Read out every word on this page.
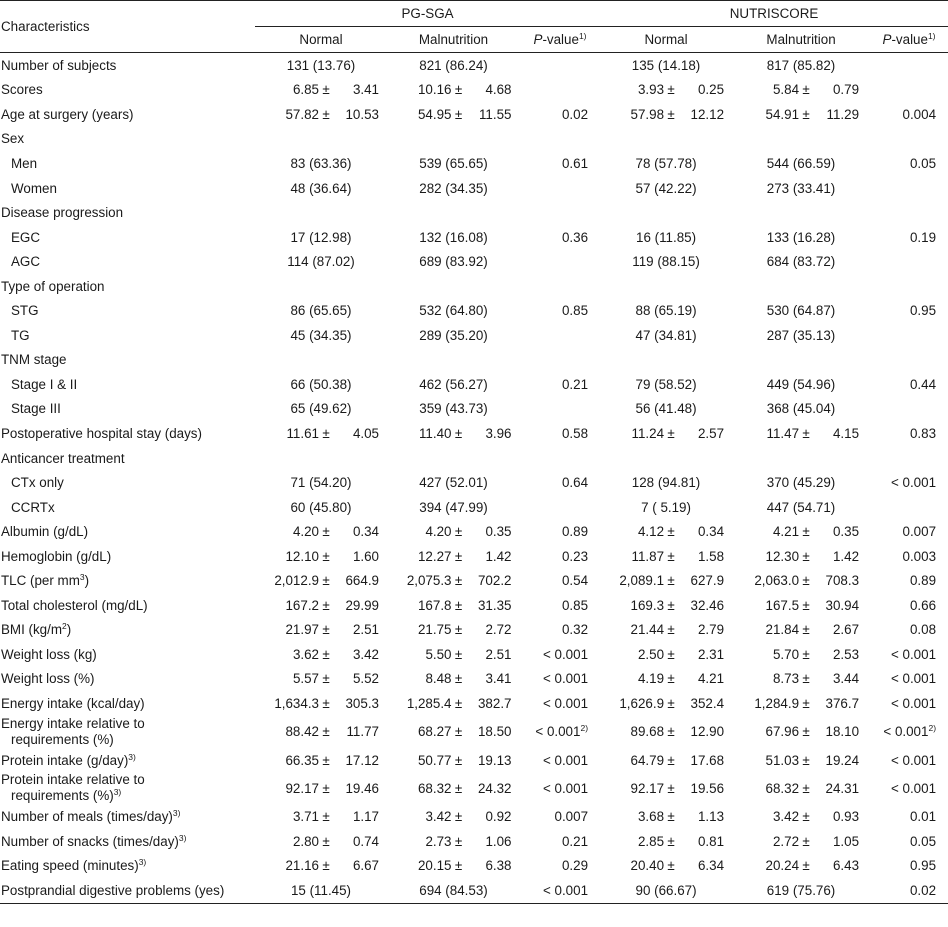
Characteristics	PG-SGA			NUTRISCORE		
	Normal	Malnutrition	P-value$^{1)}$	Normal	Malnutrition	P-value$^{1)}$
Number of subjects	131 (13.76)	821 (86.24)		135 (14.18)	817 (85.82)	
Scores	6.85 ± 3.41	10.16 ± 4.68		3.93 ± 0.25	5.84 ± 0.79	

Age at surgery (years)	57.82 ± 10.53	54.95 ± 11.55	0.02	57.98 ± 12.12	54.91 ± 11.29	0.004
Sex						
Men	83 (63.36)	539 (65.65)	0.61	78 (57.78)	544 (66.59)	0.05
Women	48 (36.64)	282 (34.35)		57 (42.22)	273 (33.41)	
Disease progression						
EGC	17 (12.98)	132 (16.08)	0.36	16 (11.85)	133 (16.28)	0.19
AGC	114 (87.02)	689 (83.92)		119 (88.15)	684 (83.72)	
Type of operation						
STG	86 (65.65)	532 (64.80)	0.85	88 (65.19)	530 (64.87)	0.95
TG	45 (34.35)	289 (35.20)		47 (34.81)	287 (35.13)	
TNM stage						
Stage I & II	66 (50.38)	462 (56.27)	0.21	79 (58.52)	449 (54.96)	0.44
Stage III	65 (49.62)	359 (43.73)		56 (41.48)	368 (45.04)	
Postoperative hospital stay (days)	11.61 ± 4.05	11.40 ± 3.96	0.58	11.24 ± 2.57	11.47 ± 4.15	0.83
Anticancer treatment						
CTx only	71 (54.20)	427 (52.01)	0.64	128 (94.81)	370 (45.29)	< 0.001
CCRTx	60 (45.80)	394 (47.99)		7 ( 5.19)	447 (54.71)	
Albumin (g/dL)	4.20 ± 0.34	4.20 ± 0.35	0.89	4.12 ± 0.34	4.21 ± 0.35	0.007
Hemoglobin (g/dL)	12.10 ± 1.60	12.27 ± 1.42	0.23	11.87 ± 1.58	12.30 ± 1.42	0.003
TLC (per $mm^3$)	2,012.9 ± 664.9	2,075.3 ± 702.2	0.54	2,089.1 ± 627.9	2,063.0 ± 708.3	0.89
Total cholesterol (mg/dL)	167.2 ± 29.99	167.8 ± 31.35	0.85	169.3 ± 32.46	167.5 ± 30.94	0.66
BMI $(kg/m^2)$	21.97 ± 2.51	21.75 ± 2.72	0.32	21.44 ± 2.79	21.84 ± 2.67	0.08
Weight loss (kg)	3.62 ± 3.42	5.50 ± 2.51	< 0.001	2.50 ± 2.31	5.70 ± 2.53	< 0.001
Weight loss (%)	5.57 ± 5.52	8.48 ± 3.41	< 0.001	4.19 ± 4.21	8.73 ± 3.44	< 0.001
Energy intake (kcal/day)	1,634.3 ± 305.3	1,285.4 ± 382.7	< 0.001	1,626.9 ± 352.4	1,284.9 ± 376.7	< 0.001
Energy intake relative to
requirements (%)	88.42 ± 11.77	68.27 ± 18.50	< $0.001^{2)}$	89.68 ± 12.90	67.96 ± 18.10	< $0.001^{2)}$
Protein intake $(g/day)^{3)}$	66.35 ± 17.12	50.77 ± 19.13	< 0.001	64.79 ± 17.68	51.03 ± 19.24	< 0.001
Protein intake relative to
requirements (%)$^{3)}$	92.17 ± 19.46	68.32 ± 24.32	< 0.001	92.17 ± 19.56	68.32 ± 24.31	< 0.001
Number of meals (times/day)$^{3)}$	3.71 ± 1.17	3.42 ± 0.92	0.007	3.68 ± 1.13	3.42 ± 0.93	0.01
Number of snacks (times/day)$^{3)}$	2.80 ± 0.74	2.73 ± 1.06	0.21	2.85 ± 0.81	2.72 ± 1.05	0.05
Eating speed (minutes)$^{3)}$	21.16 ± 6.67	20.15 ± 6.38	0.29	20.40 ± 6.34	20.24 ± 6.43	0.95
Postprandial digestive problems (yes)	15 (11.45)	694 (84.53)	< 0.001	90 (66.67)	619 (75.76)	0.02
